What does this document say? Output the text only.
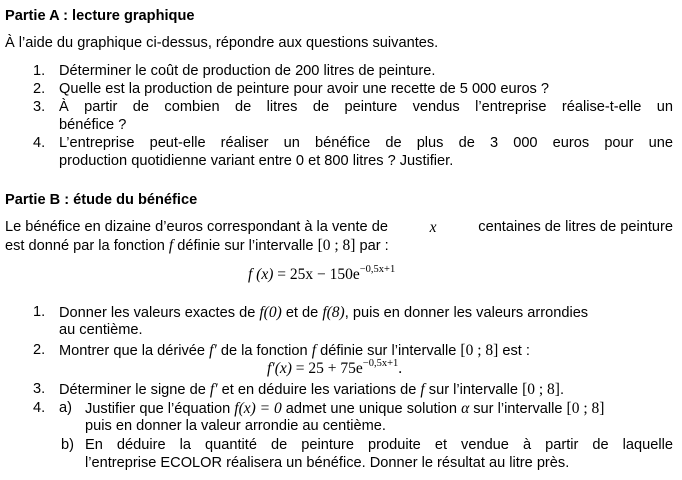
Partie A : lecture graphique
À l’aide du graphique ci-dessus, répondre aux questions suivantes.
1. Déterminer le coût de production de 200 litres de peinture.
2. Quelle est la production de peinture pour avoir une recette de 5 000 euros ?
3. À partir de combien de litres de peinture vendus l’entreprise réalise-t-elle un
bénéfice ?
4. L’entreprise peut-elle réaliser un bénéfice de plus de 3 000 euros pour une
production quotidienne variant entre 0 et 800 litres ? Justifier.
Partie B : étude du bénéfice
Le bénéfice en dizaine d’euros correspondant à la vente de	x	centaines de litres de peinture
est donné par la fonction f définie sur l’intervalle [0 ; 8] par :
f $(x) = 25x - 150e^{-0,5x+1}$
1. Donner les valeurs exactes de f(0) et de f(8), puis en donner les valeurs arrondies
au centième.
2. Montrer que la dérivée f′ de la fonction f définie sur l’intervalle [0 ; 8] est :
$f'(x) = 25 + 75e^{-0,5x+1}$.
3. Déterminer le signe de f′ et en déduire les variations de f sur l’intervalle [0 ; 8].
4. a) Justifier que l’équation f(x) = 0 admet une unique solution α sur l’intervalle [0 ; 8]
puis en donner la valeur arrondie au centième.
b) En déduire la quantité de peinture produite et vendue à partir de laquelle
l’entreprise ECOLOR réalisera un bénéfice. Donner le résultat au litre près.
